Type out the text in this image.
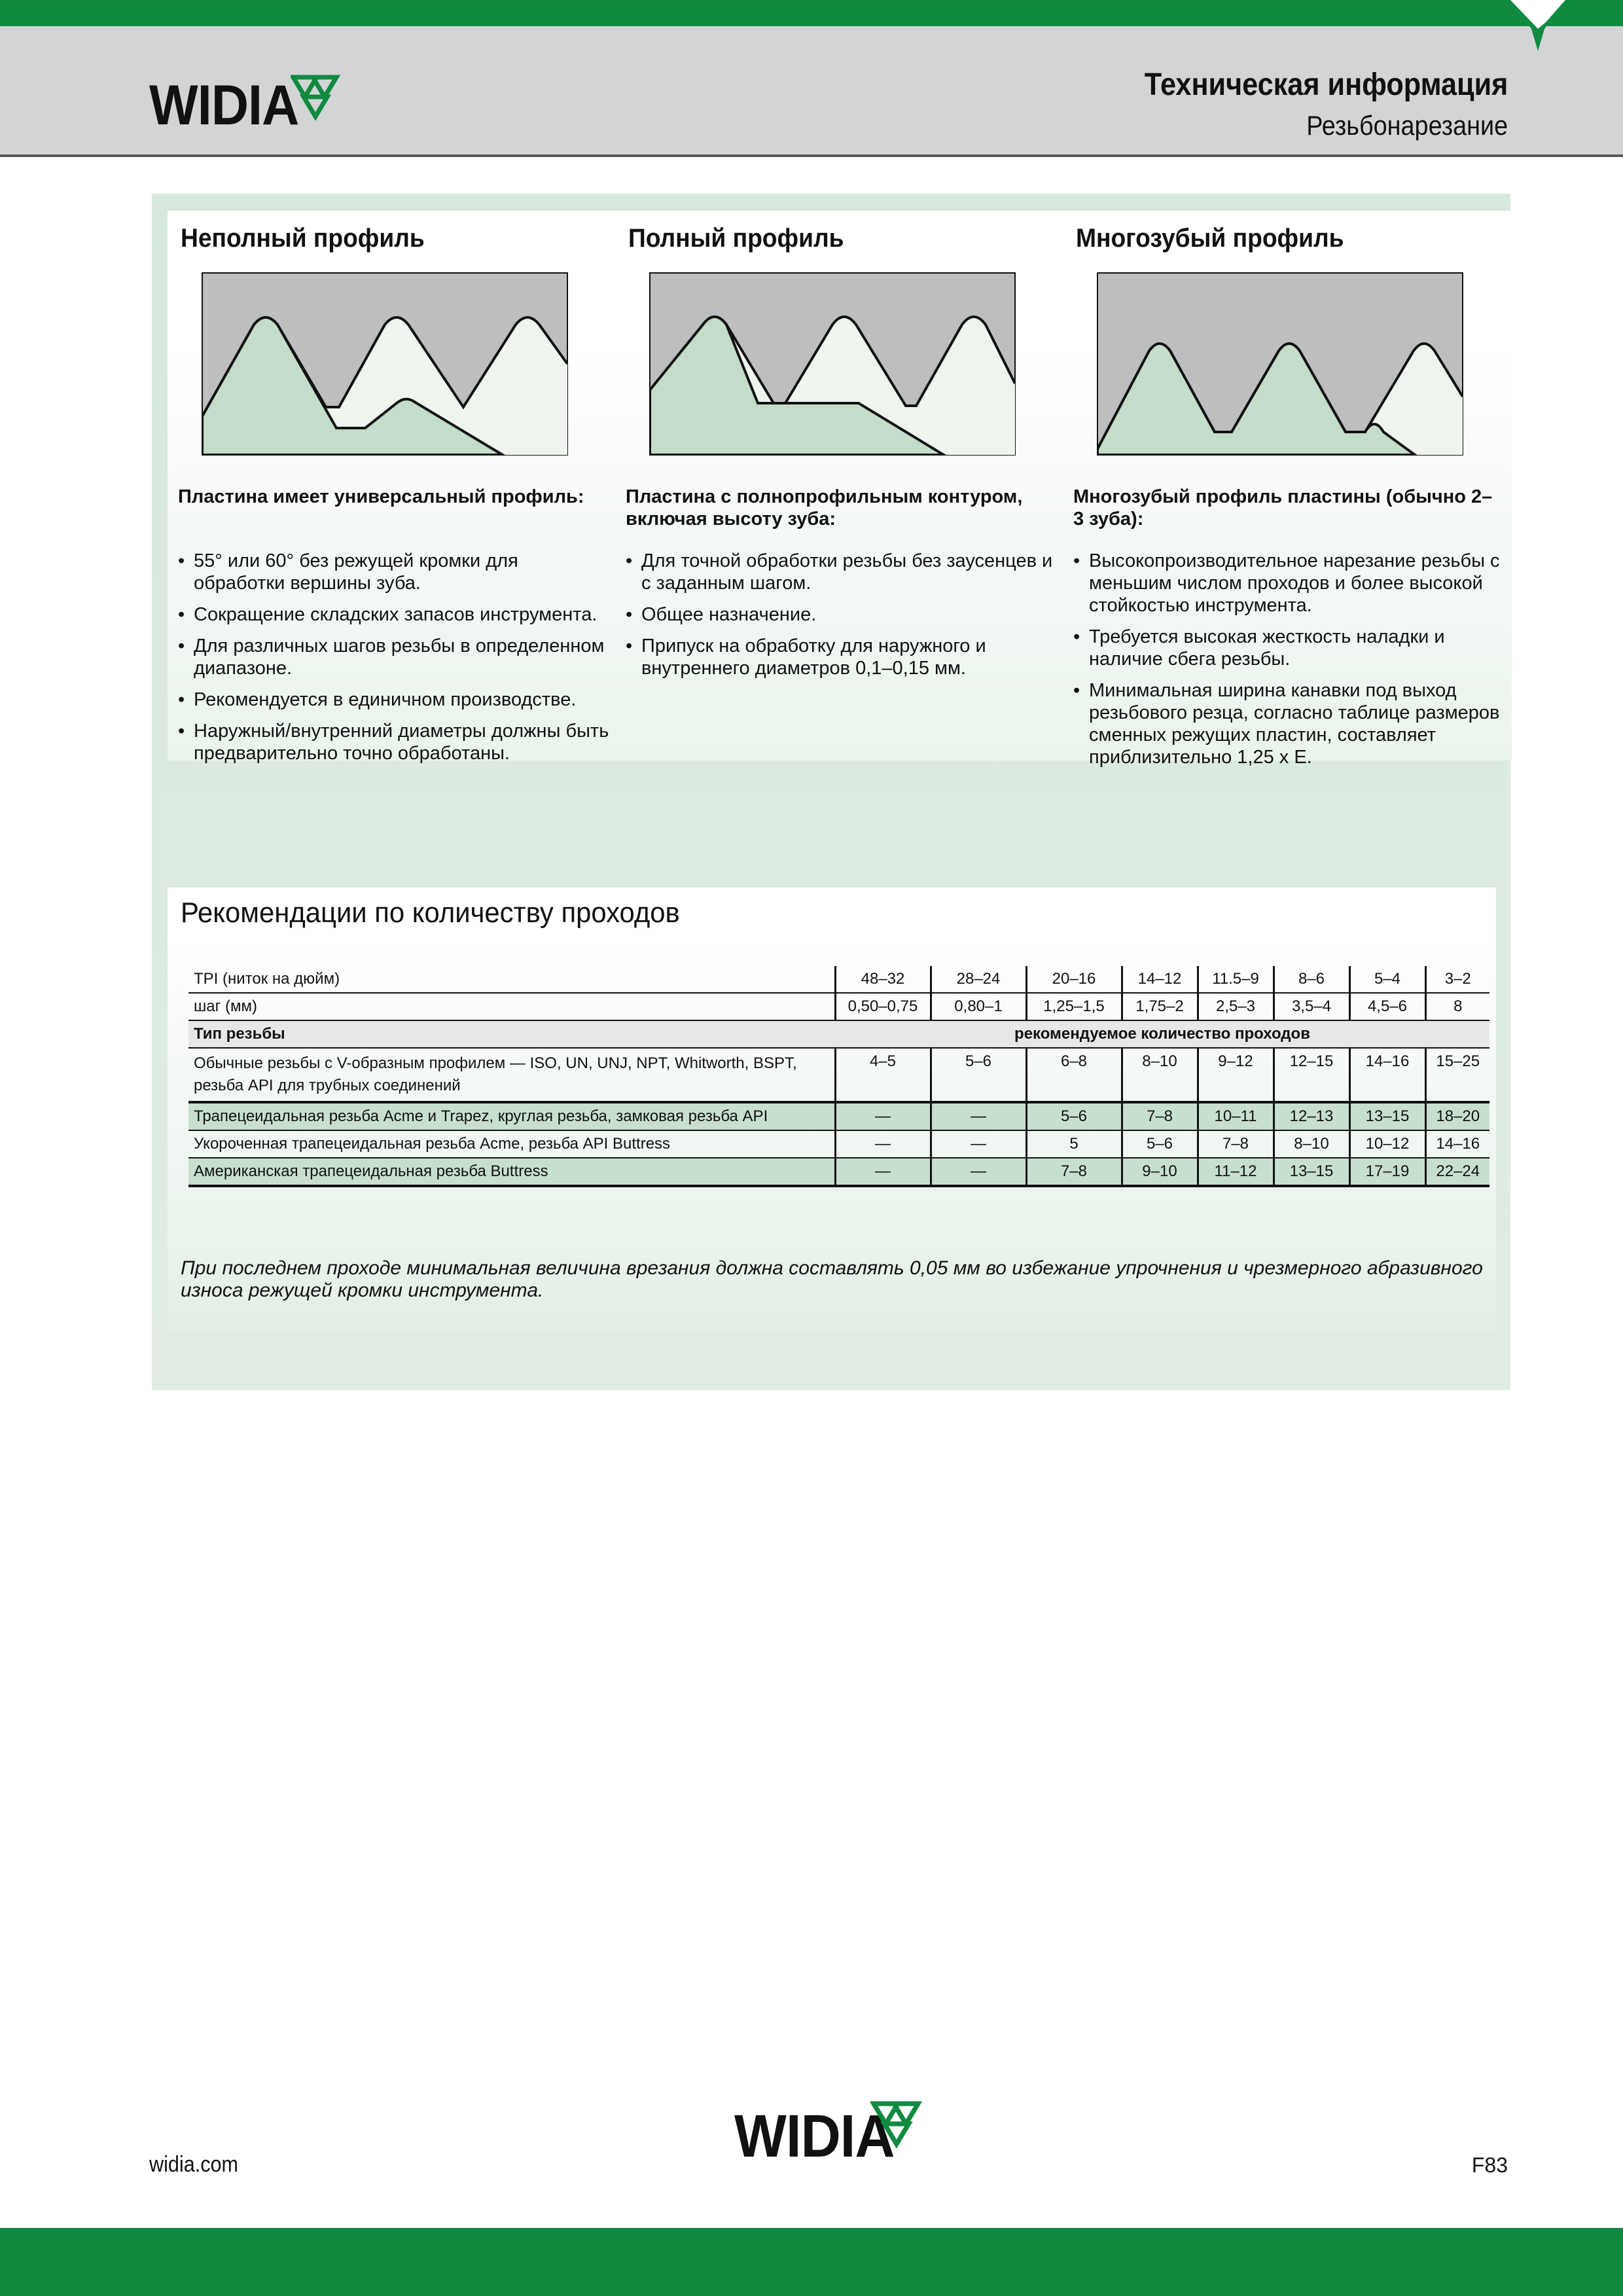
WIDIA	Техническая информация
Резьбонарезание
Неполный профиль
Пластина имеет универсальный профиль:
• 55° или 60° без режущей кромки для обработки вершины зуба.
• Сокращение складских запасов инструмента.
• Для различных шагов резьбы в определенном диапазоне.
• Рекомендуется в единичном производстве.
• Наружный/внутренний диаметры должны быть предварительно точно обработаны.
Полный профиль
Пластина с полнопрофильным контуром, включая высоту зуба:
• Для точной обработки резьбы без заусенцев и с заданным шагом.
• Общее назначение.
• Припуск на обработку для наружного и внутреннего диаметров 0,1–0,15 мм.
Многозубый профиль
Многозубый профиль пластины (обычно 2–3 зуба):
• Высокопроизводительное нарезание резьбы с меньшим числом проходов и более высокой стойкостью инструмента.
• Требуется высокая жесткость наладки и наличие сбега резьбы.
• Минимальная ширина канавки под выход резьбового резца, согласно таблице размеров сменных режущих пластин, составляет приблизительно 1,25 x E.
Рекомендации по количеству проходов
TPI (ниток на дюйм)	48–32	28–24	20–16	14–12	11.5–9	8–6	5–4	3–2
шаг (мм)	0,50–0,75	0,80–1	1,25–1,5	1,75–2	2,5–3	3,5–4	4,5–6	8
Тип резьбы	рекомендуемое количество проходов							
Обычные резьбы с V-образным профилем — ISO, UN, UNJ, NPT, Whitworth, BSPT, резьба API для трубных соединений	4–5	5–6	6–8	8–10	9–12	12–15	14–16	15–25
Трапецеидальная резьба Acme и Trapez, круглая резьба, замковая резьба API	—	—	5–6	7–8	10–11	12–13	13–15	18–20
Укороченная трапецеидальная резьба Acme, резьба API Buttress	—	—	5	5–6	7–8	8–10	10–12	14–16
Американская трапецеидальная резьба Buttress	—	—	7–8	9–10	11–12	13–15	17–19	22–24
При последнем проходе минимальная величина врезания должна составлять 0,05 мм во избежание упрочнения и чрезмерного абразивного износа режущей кромки инструмента.
widia.com	WIDIA	F83
